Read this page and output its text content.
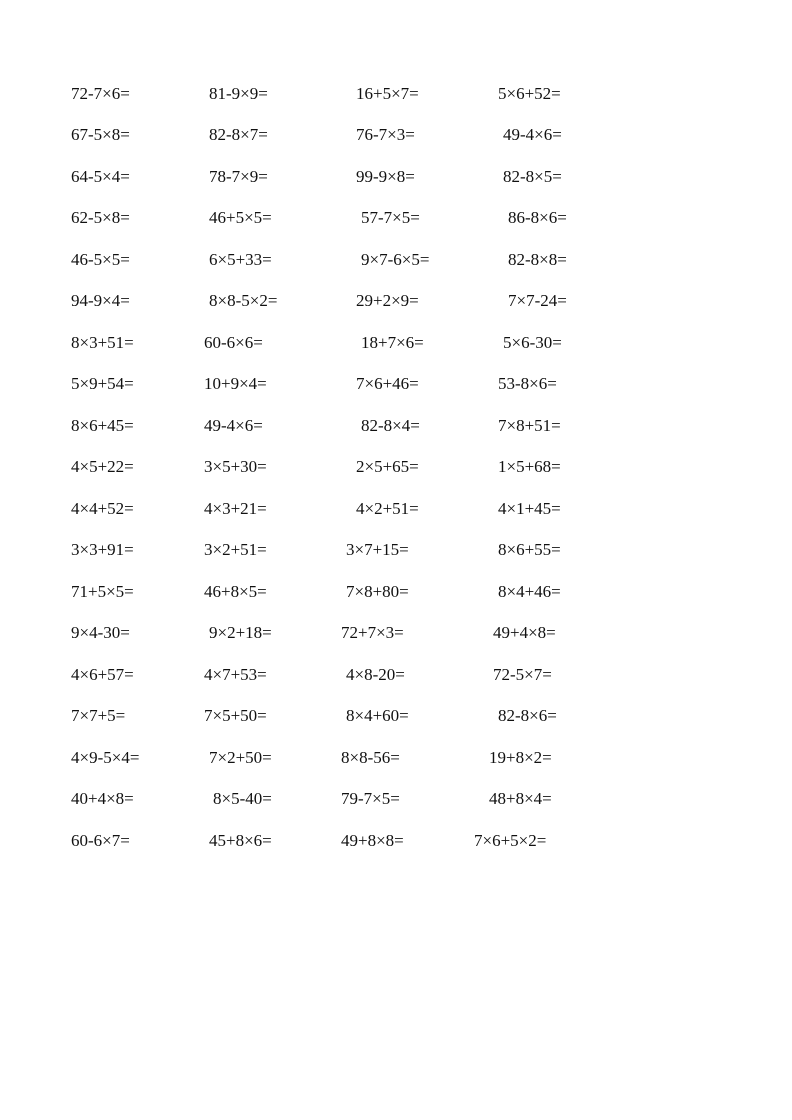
72-7×6=	81-9×9=	16+5×7=	5×6+52=
67-5×8=	82-8×7=	76-7×3=	49-4×6=
64-5×4=	78-7×9=	99-9×8=	82-8×5=
62-5×8=	46+5×5=	57-7×5=	86-8×6=
46-5×5=	6×5+33=	9×7-6×5=	82-8×8=
94-9×4=	8×8-5×2=	29+2×9=	7×7-24=
8×3+51=	60-6×6=	18+7×6=	5×6-30=
5×9+54=	10+9×4=	7×6+46=	53-8×6=
8×6+45=	49-4×6=	82-8×4=	7×8+51=
4×5+22=	3×5+30=	2×5+65=	1×5+68=
4×4+52=	4×3+21=	4×2+51=	4×1+45=
3×3+91=	3×2+51=	3×7+15=	8×6+55=
71+5×5=	46+8×5=	7×8+80=	8×4+46=
9×4-30=	9×2+18=	72+7×3=	49+4×8=
4×6+57=	4×7+53=	4×8-20=	72-5×7=
7×7+5=	7×5+50=	8×4+60=	82-8×6=
4×9-5×4=	7×2+50=	8×8-56=	19+8×2=
40+4×8=	8×5-40=	79-7×5=	48+8×4=
60-6×7=	45+8×6=	49+8×8=	7×6+5×2=
